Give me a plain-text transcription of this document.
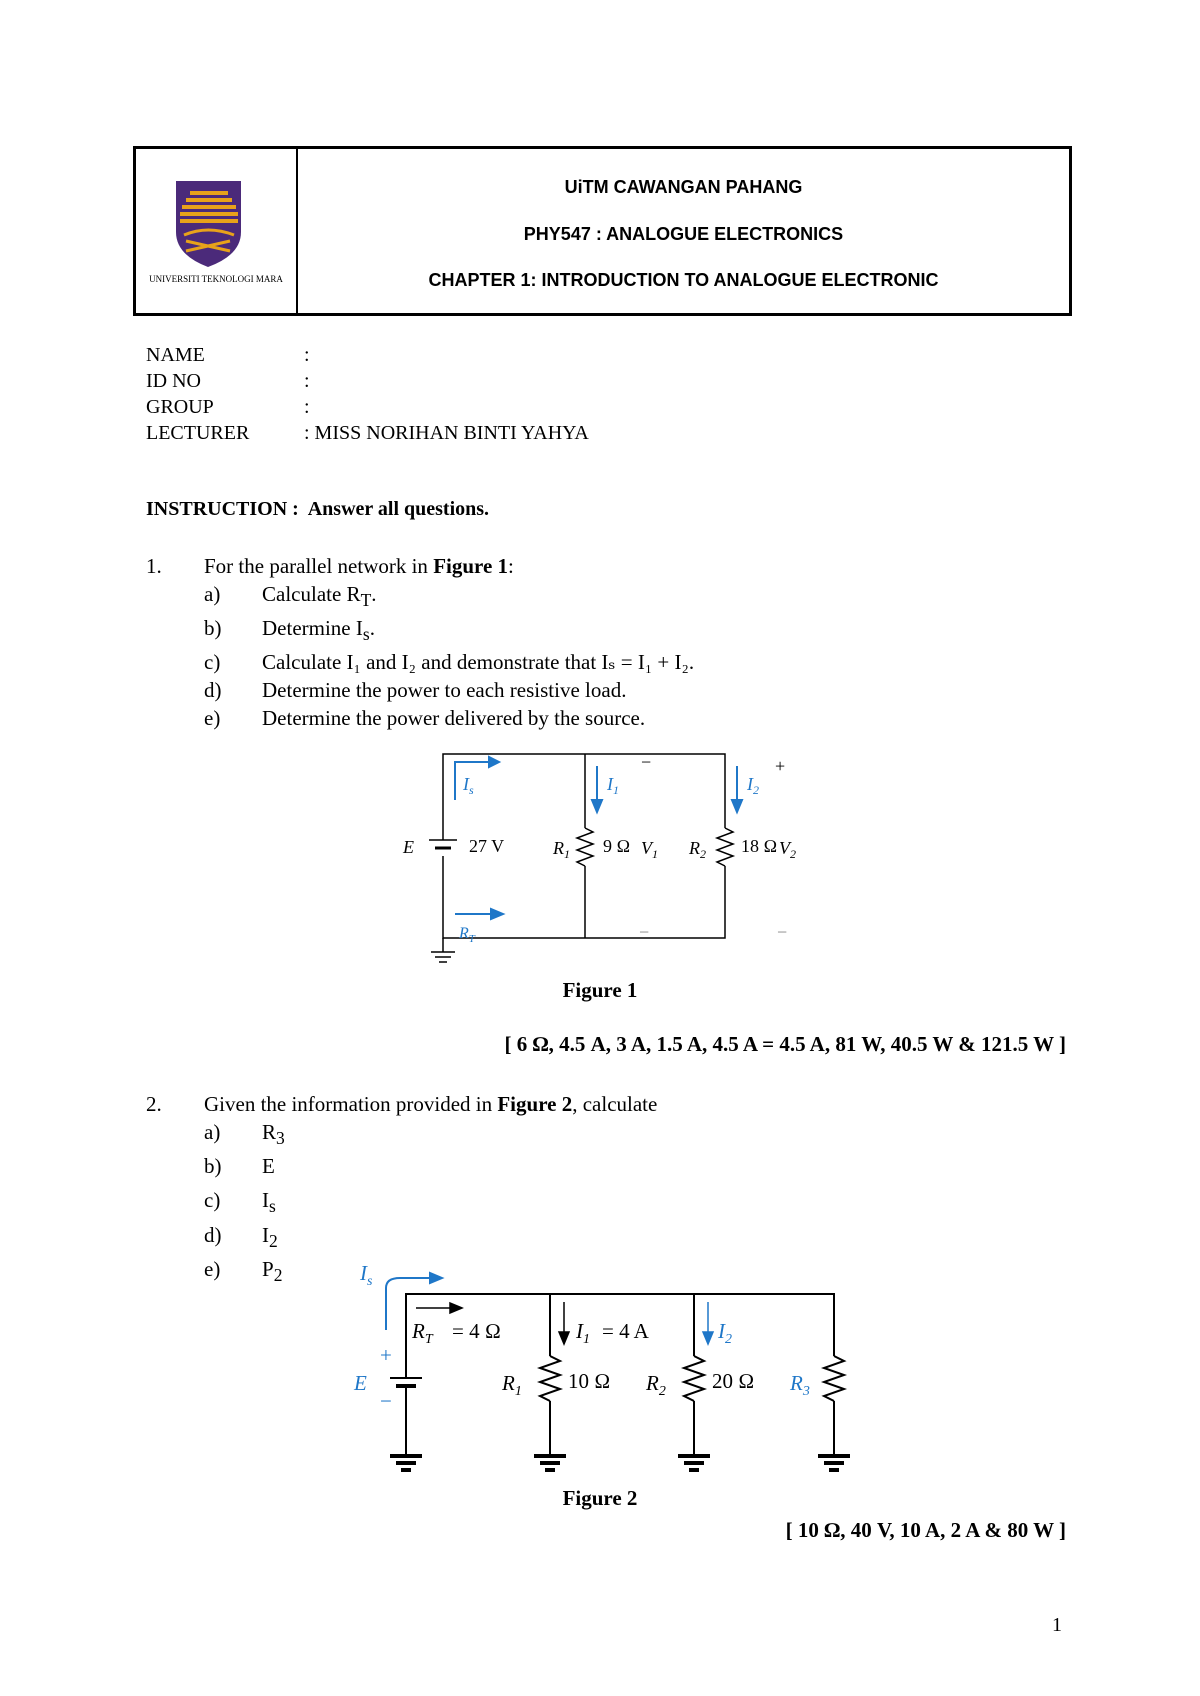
UNIVERSITI TEKNOLOGI MARA
UiTM CAWANGAN PAHANG
PHY547 : ANALOGUE ELECTRONICS
CHAPTER 1: INTRODUCTION TO ANALOGUE ELECTRONIC
NAME	:
ID NO	:
GROUP	:
LECTURER	: MISS NORIHAN BINTI YAHYA
INSTRUCTION : Answer all questions.
1. For the parallel network in Figure 1:
a) Calculate $R_T$.
b) Determine $I_s$.
c) Calculate I₁ and I₂ and demonstrate that Iₛ = I₁ + I₂.
d) Determine the power to each resistive load.
e) Determine the power delivered by the source.
$I_s$
$R_T$
E	27 V
$I_1$	$I_2$
$R_1$ 9 Ω $V_1$ $R_2$ 18 Ω $V_2$
−	+
−	−
Figure 1
[ 6 Ω, 4.5 A, 3 A, 1.5 A, 4.5 A = 4.5 A, 81 W, 40.5 W & 121.5 W ]
2. Given the information provided in Figure 2, calculate
a) $R_3$
b) E
c) $I_s$
d) $I_2$
e) $P_2$	$I_s$
$R_T = 4$ Ω	$I_1 = 4$ A	$I_2$
E
+
−
$R_1$ 10 Ω $R_2$ 20 Ω $R_3$
Figure 2
[ 10 Ω, 40 V, 10 A, 2 A & 80 W ]
1
